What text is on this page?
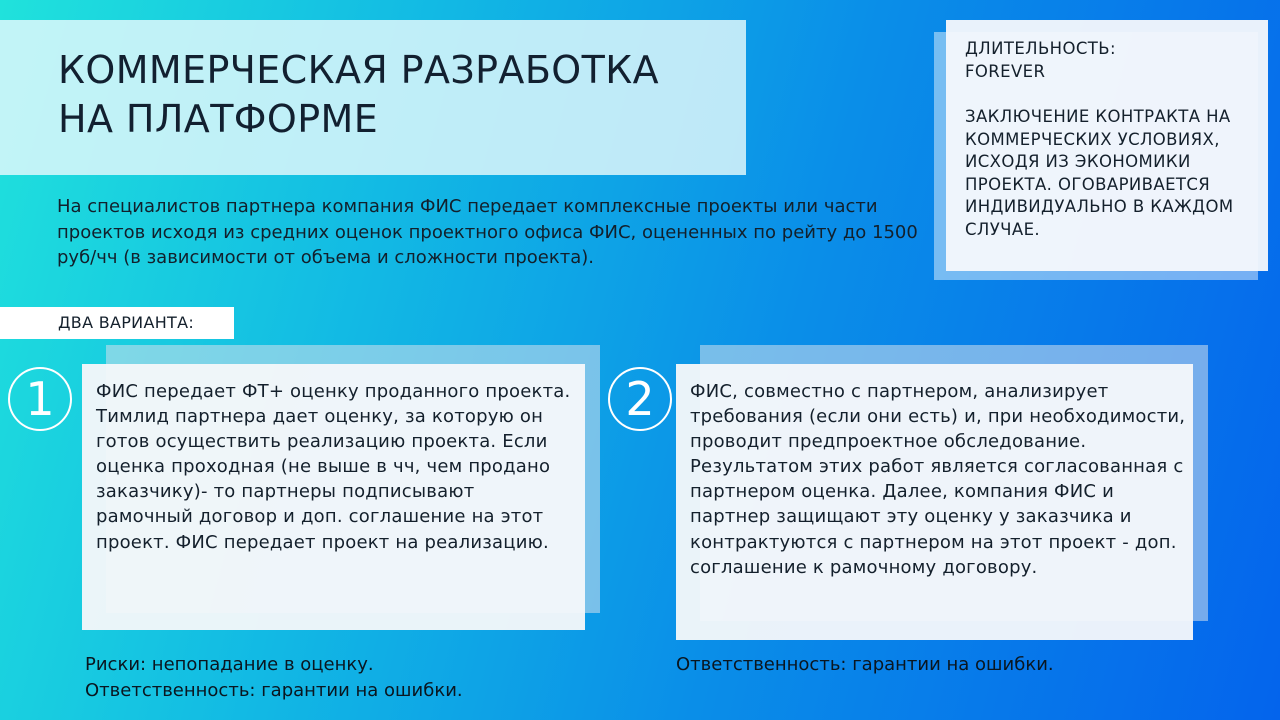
КОММЕРЧЕСКАЯ РАЗРАБОТКА
НА ПЛАТФОРМЕ
ДЛИТЕЛЬНОСТЬ:
FOREVER
ЗАКЛЮЧЕНИЕ КОНТРАКТА НА КОММЕРЧЕСКИХ УСЛОВИЯХ, ИСХОДЯ ИЗ ЭКОНОМИКИ ПРОЕКТА. ОГОВАРИВАЕТСЯ ИНДИВИДУАЛЬНО В КАЖДОМ СЛУЧАЕ.
На специалистов партнера компания ФИС передает комплексные проекты или части проектов исходя из средних оценок проектного офиса ФИС, оцененных по рейту до 1500 руб/чч (в зависимости от объема и сложности проекта).
ДВА ВАРИАНТА:
ФИС передает ФТ+ оценку проданного проекта. Тимлид партнера дает оценку, за которую он готов осуществить реализацию проекта. Если оценка проходная (не выше в чч, чем продано заказчику)- то партнеры подписывают рамочный договор и доп. соглашение на этот проект. ФИС передает проект на реализацию.
1
Риски: непопадание в оценку.
Ответственность: гарантии на ошибки.
ФИС, совместно с партнером, анализирует требования (если они есть) и, при необходимости, проводит предпроектное обследование. Результатом этих работ является согласованная с партнером оценка. Далее, компания ФИС и партнер защищают эту оценку у заказчика и контрактуются с партнером на этот проект - доп. соглашение к рамочному договору.
2
Ответственность: гарантии на ошибки.
